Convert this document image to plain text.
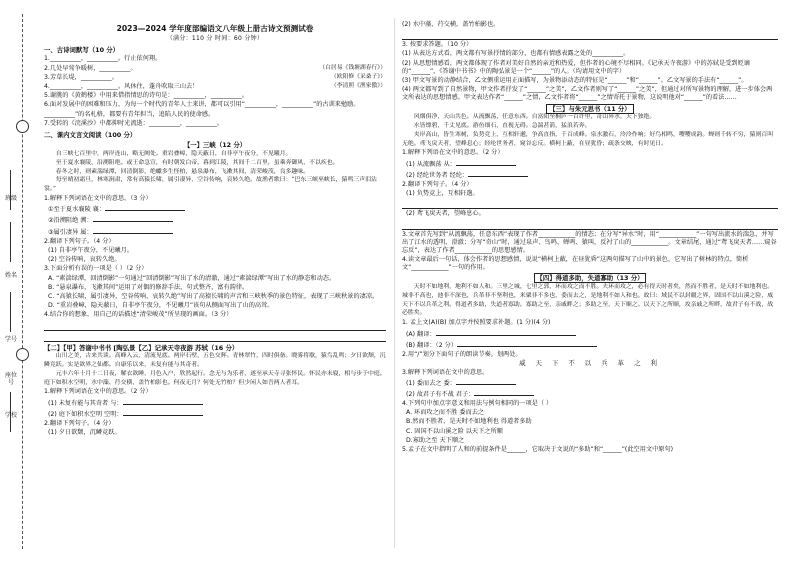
班级
姓名
学号
座位号
学校
2023—2024 学年度部编语文八年级上册古诗文预测试卷
（满分：110 分 时间：60 分钟）
一、古诗词默写（10 分）
1.__________，__________。行止依何翔。
2.几处早莺争暖树，__________。	（白居易《钱塘湖春行》）
3.芳草长堤，__________。	（欧阳修《采桑子》）
4.__________，__________。风休住，蓬舟吹取三山去！	（李清照《渔家傲》）
5.谢朓的《黄鹤楼》中用来借指情思的诗句是：__________，__________。
6.面对发展中的困难和压力，为每一个时代的青年人士来讲，都可以引用“__________，__________”的古训来勉励。
__________”的名札格，都要有青年担当，追陷人民的使命感。
7.受转的《浣溪沙》中都抑时光流逝：__________，__________。
二、课内文言文阅读（100 分）
【一】三峡（12 分）
自三峡七百里中，两岸连山，略无阙处。重岩叠嶂，隐天蔽日，自非亭午夜分，不见曦月。
至于夏水襄陵，沿溯阻绝。或王命急宣，有时朝发白帝，暮到江陵，其间千二百里，虽乘奔御风，不以疾也。
春冬之时，则素湍绿潭，回清倒影，绝巘多生怪柏，悬泉瀑布，飞漱其间，清荣峻茂，良多趣味。
每至晴初霜旦，林寒涧肃，常有高猿长啸，属引凄异，空谷传响，哀转久绝。故渔者歌曰：“巴东三峡巫峡长，猿鸣三声泪沾裳。”
1.解释下列词语在文中的意思。（3 分）
①至于夏水襄陵 襄：
②沿溯阻绝 溯：
③属引凄异 属：
2.翻译下列句子。（4 分）
(1) 自非亭午夜分，不见曦月。
(2) 空谷传响，哀转久绝。
3.下面分析有误的一项是（ ）（2 分）
A. “素湍绿潭，回清倒影”一句通过“回清倒影”写出了水的清澈，通过“素湍绿潭”写出了水的静态和动态。
B. “悬泉瀑布，飞漱其间”运用了对偶的修辞手法，句式整齐，富有韵律。
C. “高猿长啸，属引凄异，空谷传响，哀转久绝”写出了高猿长啸的声音和三峡秋季的景色特征，表现了三峡秋景的凄凉。
D. “重岩叠嶂，隐天蔽日，自非亭午夜分，不见曦月”该句从侧面写出了山的高耸。
4.结合你的想象，用自己的话描述“清荣峻茂”所呈现的画面。（3 分）
【二】【甲】答谢中书书 [陶弘景【乙】记承天寺夜游 苏轼（16 分）
山川之美，古来共谈。高峰入云，清流见底。两岸石壁，五色交辉。青林翠竹，四时俱备。晓雾将歇，猿鸟乱鸣；夕日欲颓，沉鳞竞跃。实是欲界之仙都。自康乐以来，未复有能与其奇者。
元丰六年十月十二日夜，解衣欲睡，月色入户，欣然起行。念无与为乐者，遂至承天寺寻张怀民。怀民亦未寝，相与步于中庭。庭下如积水空明，水中藻、荇交横，盖竹柏影也。何夜无月？何处无竹柏？但少闲人如吾两人者耳。
1.解释下列词语在文中的意思。（2 分）
(1) 未复有能与其奇者 与：
(2) 庭下如积水空明 空明：
2.翻译下列句子。（4 分）
(1) 夕日欲颓，沉鳞竞跃。
(2) 水中藻、荇交横，盖竹柏影也。
3. 按要求答题。（10 分）
(1) 从表达方式看，两文都有写景抒情的部分，也都有情感表露之处的__________。
(2) 从思想情感看，两文都体现了作者对美好自然的亲近和热爱，但作者的心境不尽相同。《记承天寺夜游》中的苏轼是受到贬谪的“______”，《答谢中书书》中的陶弘景是一个“______”的人。（均请用文中的字）
(3) 甲文写景的动静结合，乙文侧重运用正面描写，为景物添动态的特征是“______”和“______”。乙文写景的手法有“______”。
(4) 两文都写到了自然景物，甲文作者抒发了“______”之美”，乙文作者则写了“______”之美”，但通过对所写景物的理解，进一步体会两文所表达的思想情感。甲文表达作者“______”之情，乙文作者将“______”之情寄托于景物，这说明他对“______”的看法……
【三】与朱元思书（11 分）
风烟俱净，天山共色。从流飘荡，任意东西。自富阳至桐庐一百许里，奇山异水，天下独绝。
水皆缥碧，千丈见底。游鱼细石，直视无碍。急湍甚箭，猛浪若奔。
夹岸高山，皆生寒树，负势竞上，互相轩邈，争高直指，千百成峰。泉水激石，泠泠作响；好鸟相鸣，嘤嘤成韵。蝉则千转不穷，猿则百叫无绝。鸢飞戾天者，望峰息心；经纶世务者，窥谷忘反。横柯上蔽，在昼犹昏；疏条交映，有时见日。
1.解释下列语在文中的意思。（2 分）
(1) 从流飘荡 从：
(2) 经纶世务者 经纶：
2.翻译下列句子。（4 分）
(1) 负势竞上，互相轩邈。
(2) 鸢飞戾天者，望峰息心。
3.文章首先写到“从流飘荡，任意东西”表现了作者____________的情态；在分写“异水”时，用“____________”一句写出流水的湍急，并写出了江水的透明、澄澈；分写“奇山”时，通过泉声、鸟鸣、蝉鸣、猿叫，反衬了山的____________。文章结尾，通过“鸢飞戾天者……窥谷忘反”，表达了作者____________的思想感情。
4.读文章最后一句话，体会作者的思想感情，说说“横柯上蔽，在昼犹昏”这两句描写了山中的景色，它写出了树林的特点，简析文“____________”一句的作用。
【四】得道多助，失道寡助（13 分）
天时不如地利，地利不如人和。三里之城，七里之郭，环而攻之而不胜。夫环而攻之，必有得天时者矣，然而不胜者，是天时不如地利也。城非不高也，池非不深也，兵革非不坚利也，米粟非不多也，委而去之，是地利不如人和也。故曰：域民不以封疆之界，固国不以山溪之险，威天下不以兵革之利。得道者多助，失道者寡助。寡助之至，亲戚畔之；多助之至，天下顺之。以天下之所顺，攻亲戚之所畔，故君子有不战，战必胜矣。
1. 孟上文(A)(B) 加点字并按照要求补题。(1 分)(4 分)
(A) 翻译：
(B) 翻译：（2 分）
2.用“/”划分下面句子的朗读节奏。划两处。
威 天 下 不 以 兵 革 之 利
3.解释下列词语在文中的意思。
(1) 委而去之 委：
(2) 故君子有不战 君子：
4.下列句中加点字意义和用法与例句相同的一项是（ ）
A. 环而攻之而不胜 委而去之
B.然而不胜者，是天时不如地利也 得道者多助
C. 固国不以山溪之险 以天下之所顺
D.寡助之至 天下顺之
5.孟子在文中指明了人和的前提条件是______，它取决于文说的“多助”和“______”(此空用文中原句)
